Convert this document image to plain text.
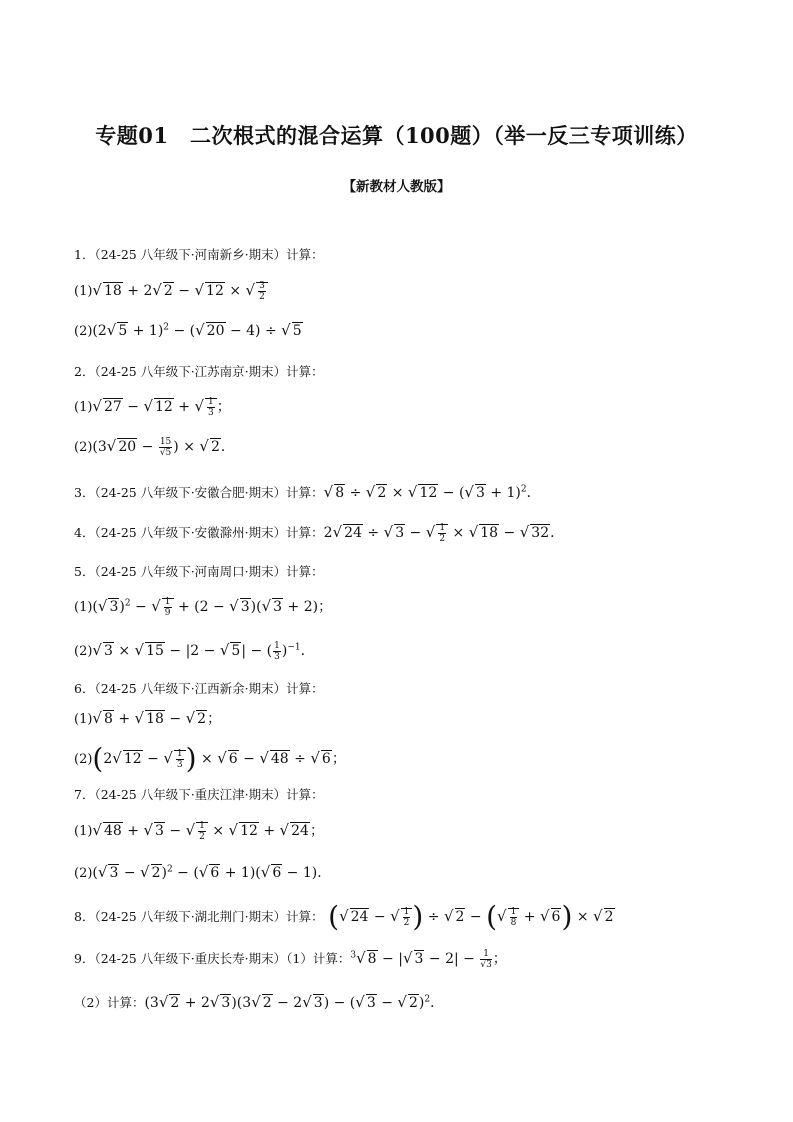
专题01　二次根式的混合运算（100题）（举一反三专项训练）
【新教材人教版】
1．（24-25 八年级下·河南新乡·期末）计算：
(1)√ 18 + 2√ 2 − √ 12 × √ $\frac{3}{2}$
(2)(2√ 5 + 1)$^2$ − (√ 20 − 4) ÷ √ 5
2．（24-25 八年级下·江苏南京·期末）计算：
(1)√ 27 − √ 12 + √ $\frac{1}{3}$ ；
(2)(3√ $20 - \frac{15}{√5}$ ) × √ 2．
3．（24-25 八年级下·安徽合肥·期末）计算：√ 8 ÷ √ 2 × √ 12 − (√ 3 + 1)$^2$．
4．（24-25 八年级下·安徽滁州·期末）计算：2√ 24 ÷ √ 3 − √ $\frac{1}{2}$ × √ 18 − √ 32．
5．（24-25 八年级下·河南周口·期末）计算：
(1)(√ 3)$^2$ − √ $\frac{1}{9} + (2$ − √ 3)(√ 3 + 2)；
(2)√ 3 × √ 15 − |2 − √ 5| − ( $\frac{1}{3} )^{-1}$．
6．（24-25 八年级下·江西新余·期末）计算：
(1)√ 8 + √ 18 − √ 2；
(2)(2√ 12 − √ $\frac{1}{3}$ ) × √ 6 − √ 48 ÷ √ 6；
7．（24-25 八年级下·重庆江津·期末）计算：
(1)√ 48 + √ 3 − √ $\frac{1}{2}$ × √ 12 + √ 24；
(2)(√ 3 − √ 2)$^2$ − (√ 6 + 1)(√ 6 − 1)．
8．（24-25 八年级下·湖北荆门·期末）计算： (√ 24 − √ $\frac{1}{2}$ ) ÷ √ 2 − (√ $\frac{1}{8}$ + √ 6) × √ 2
9．（24-25 八年级下·重庆长寿·期末）（1）计算：$^3$√ 8 − |√ $3 - 2| - \frac{1}{√3}$ ；
（2）计算：(3√ 2 + 2√ 3)(3√ 2 − 2√ 3) − (√ 3 − √ 2)$^2$．
